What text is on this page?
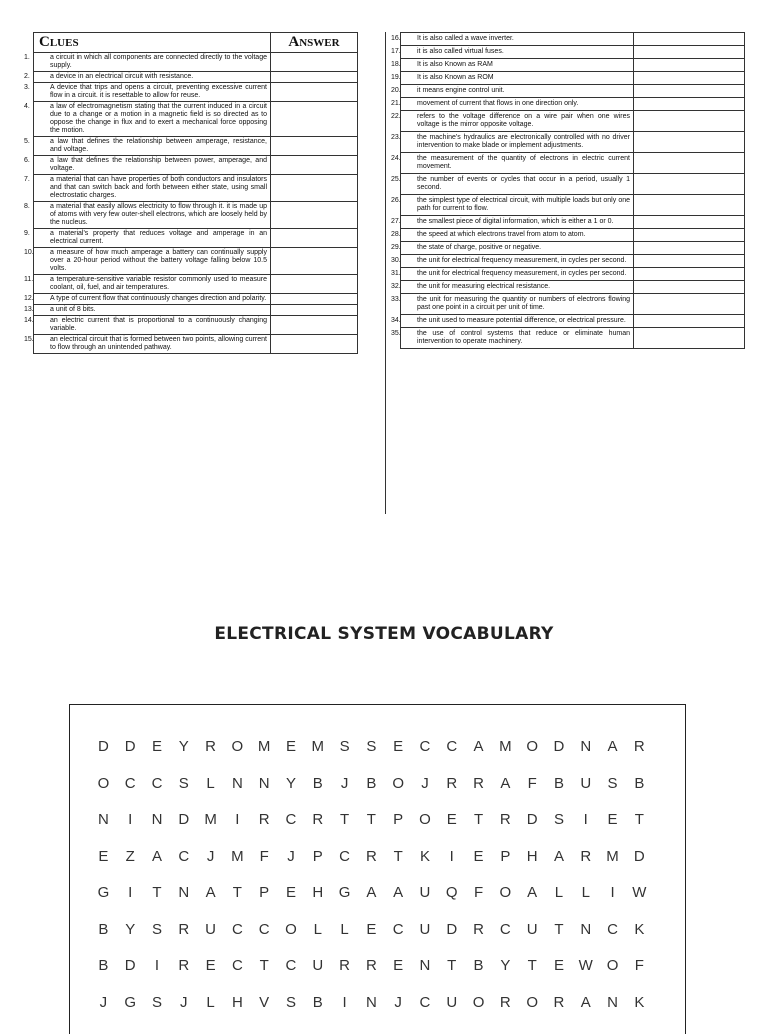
Clues	Answer

1. a circuit in which all components are connected directly to the voltage supply.	

2. a device in an electrical circuit with resistance.	

3. A device that trips and opens a circuit, preventing excessive current flow in a circuit. it is resettable to allow for reuse.	

4. a law of electromagnetism stating that the current induced in a circuit due to a change or a motion in a magnetic field is so directed as to oppose the change in flux and to exert a mechanical force opposing the motion.	

5. a law that defines the relationship between amperage, resistance, and voltage.	

6. a law that defines the relationship between power, amperage, and voltage.	

7. a material that can have properties of both conductors and insulators and that can switch back and forth between either state, using small electrostatic charges.	

8. a material that easily allows electricity to flow through it. it is made up of atoms with very few outer-shell electrons, which are loosely held by the nucleus.	

9. a material's property that reduces voltage and amperage in an electrical current.	

10. a measure of how much amperage a battery can continually supply over a 20-hour period without the battery voltage falling below 10.5 volts.	

11. a temperature-sensitive variable resistor commonly used to measure coolant, oil, fuel, and air temperatures.	

12. A type of current flow that continuously changes direction and polarity.	

13. a unit of 8 bits.	

14. an electric current that is proportional to a continuously changing variable.	

15. an electrical circuit that is formed between two points, allowing current to flow through an unintended pathway.	

16. It is also called a wave inverter.	

17. it is also called virtual fuses.	

18. It is also Known as RAM	

19. It is also Known as ROM	

20. it means engine control unit.	

21. movement of current that flows in one direction only.	

22. refers to the voltage difference on a wire pair when one wires voltage is the mirror opposite voltage.	

23. the machine's hydraulics are electronically controlled with no driver intervention to make blade or implement adjustments.	

24. the measurement of the quantity of electrons in electric current movement.	

25. the number of events or cycles that occur in a period, usually 1 second.	

26. the simplest type of electrical circuit, with multiple loads but only one path for current to flow.	

27. the smallest piece of digital information, which is either a 1 or 0.	

28. the speed at which electrons travel from atom to atom.	

29. the state of charge, positive or negative.	

30. the unit for electrical frequency measurement, in cycles per second.	

31. the unit for electrical frequency measurement, in cycles per second.	

32. the unit for measuring electrical resistance.	

33. the unit for measuring the quantity or numbers of electrons flowing past one point in a circuit per unit of time.	

34. the unit used to measure potential difference, or electrical pressure.	

35. the use of control systems that reduce or eliminate human intervention to operate machinery.	

ELECTRICAL SYSTEM VOCABULARY
D	D	E	Y	R	O M	E	M	S	S	E	C	C	A	M O	D	N	A	R
O	C	C	S	L	N	N	Y	B	J	B	O	J	R	R	A	F	B	U	S	B
N	I	N	D	M	I	R	C	R	T	T	P	O	E	T	R	D	S	I	E	T
E	Z	A	C	J	M	F	J	P	C	R	T	K	I	E	P	H	A	R	M	D
G	I	T	N	A	T	P	E	H	G	A	A	U	Q	F	O	A	L	L	I	W
B	Y	S	R	U	C	C	O	L	L	E	C	U	D	R	C	U	T	N	C	K
B	D	I	R	E	C	T	C	U	R	R	E	N	T	B	Y	T	E W O	F
J	G	S	J	L	H	V	S	B	I	N	J	C	U	O	R	O	R	A	N	K
